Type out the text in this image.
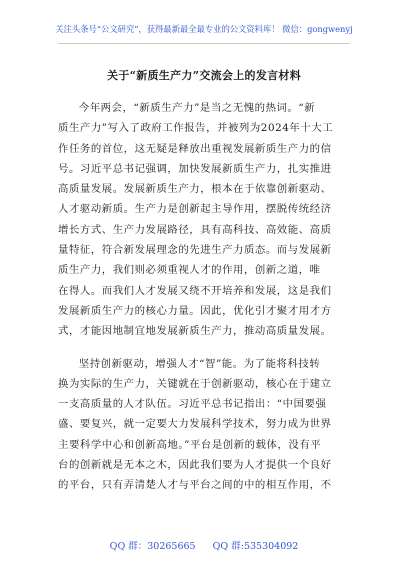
关注头条号“公文研究”，获得最新最全最专业的公文资料库！ 微信：gongwenyj
关于“新质生产力”交流会上的发言材料
今年两会，“新质生产力”是当之无愧的热词。“新
质生产力”写入了政府工作报告，并被列为2024年十大工
作任务的首位，这无疑是释放出重视发展新质生产力的信
号。习近平总书记强调，加快发展新质生产力，扎实推进
高质量发展。发展新质生产力，根本在于依靠创新驱动、
人才驱动新质。生产力是创新起主导作用，摆脱传统经济
增长方式、生产力发展路径，具有高科技、高效能、高质
量特征，符合新发展理念的先进生产力质态。而与发展新
质生产力，我们则必须重视人才的作用，创新之道，唯
在得人。而我们人才发展又绕不开培养和发展，这是我们
发展新质生产力的核心力量。因此，优化引才聚才用才方
式，才能因地制宜地发展新质生产力，推动高质量发展。
坚持创新驱动，增强人才“智”能。为了能将科技转
换为实际的生产力，关键就在于创新驱动，核心在于建立
一支高质量的人才队伍。习近平总书记指出：“中国要强
盛、要复兴，就一定要大力发展科学技术，努力成为世界
主要科学中心和创新高地。”平台是创新的载体，没有平
台的创新就是无本之木，因此我们要为人才提供一个良好
的平台，只有弄清楚人才与平台之间的中的相互作用，不
QQ 群：30265665 QQ 群:535304092
